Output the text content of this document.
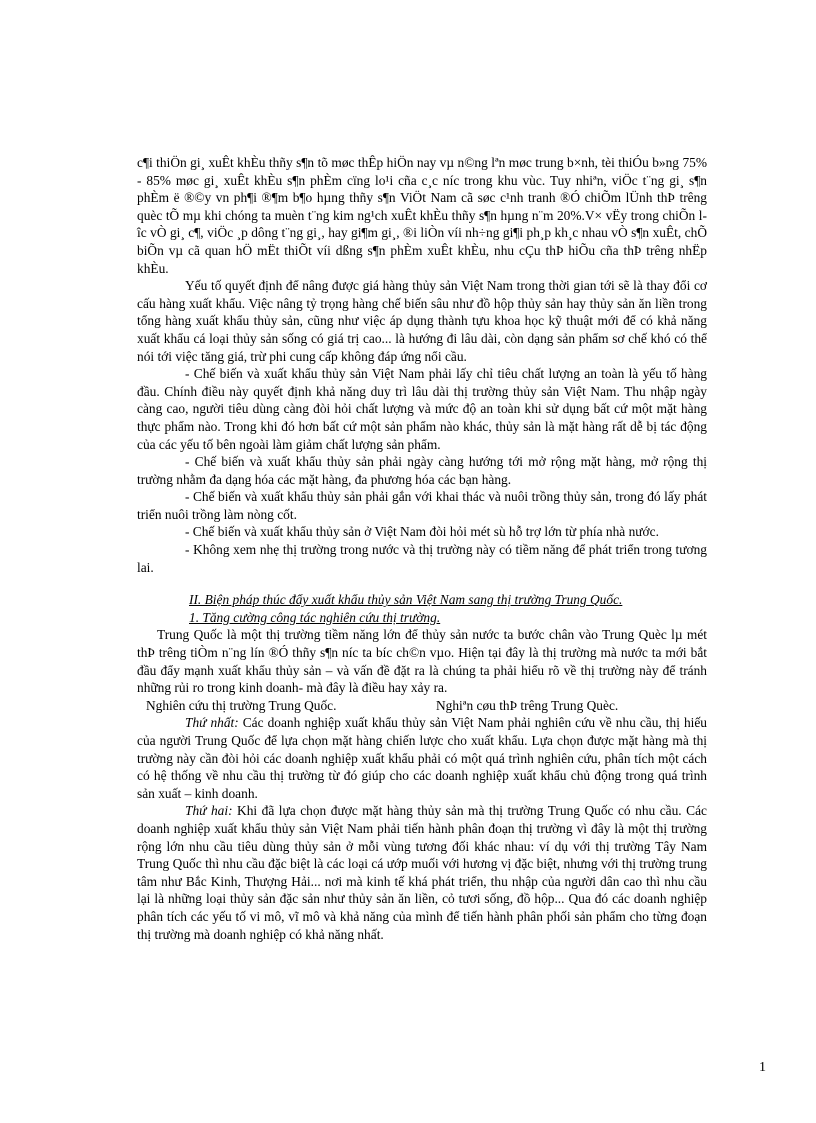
c¶i thiÖn gi¸ xuÊt khÈu thñy s¶n tõ møc thÊp hiÖn nay vµ n©ng lªn møc trung b×nh, tèi thiÓu b»ng 75% - 85% møc gi¸ xuÊt khÈu s¶n phÈm cïng lo¹i cña c¸c níc trong khu vùc. Tuy nhiªn, viÖc t¨ng gi¸ s¶n phÈm ë ®©y vn ph¶i ®¶m b¶o hµng thñy s¶n ViÖt Nam cã søc c¹nh tranh ®Ó chiÕm lÜnh thÞ trêng quèc tÕ mµ khi chóng ta muèn t¨ng kim ng¹ch xuÊt khÈu thñy s¶n hµng n¨m 20%.V× vËy trong chiÕn lîc vÒ gi¸ c¶, viÖc ¸p dông t¨ng gi¸, hay gi¶m gi¸, ®i liÒn víi nh÷ng gi¶i ph¸p kh¸c nhau vÒ s¶n xuÊt, chÕ biÕn vµ cã quan hÖ mËt thiÕt víi dßng s¶n phÈm xuÊt khÈu, nhu cÇu thÞ hiÕu cña thÞ trêng nhËp khÈu.

Yếu tố quyết định để nâng được giá hàng thủy sản Việt Nam trong thời gian tới sẽ là thay đổi cơ cấu hàng xuất khẩu. Việc nâng tỷ trọng hàng chế biến sâu như đồ hộp thủy sản hay thủy sản ăn liền trong tổng hàng xuất khẩu thủy sản, cũng như việc áp dụng thành tựu khoa học kỹ thuật mới để có khả năng xuất khẩu cá loại thủy sản sống có giá trị cao... là hướng đi lâu dài, còn dạng sản phẩm sơ chế khó có thể nói tới việc tăng giá, trừ phi cung cấp không đáp ứng nổi cầu.

- Chế biến và xuất khẩu thủy sản Việt Nam phải lấy chỉ tiêu chất lượng an toàn là yếu tố hàng đầu. Chính điều này quyết định khả năng duy trì lâu dài thị trường thủy sản Việt Nam. Thu nhập ngày càng cao, người tiêu dùng càng đòi hỏi chất lượng và mức độ an toàn khi sử dụng bất cứ một mặt hàng thực phẩm nào. Trong khi đó hơn bất cứ một sản phẩm nào khác, thủy sản là mặt hàng rất dễ bị tác động của các yếu tố bên ngoài làm giảm chất lượng sản phẩm.

- Chế biến và xuất khẩu thủy sản phải ngày càng hướng tới mở rộng mặt hàng, mở rộng thị trường nhằm đa dạng hóa các mặt hàng, đa phương hóa các bạn hàng.

- Chế biến và xuất khẩu thủy sản phải gắn với khai thác và nuôi trồng thủy sản, trong đó lấy phát triển nuôi trồng làm nòng cốt.

- Chế biến và xuất khẩu thủy sản ở Việt Nam đòi hỏi mét sù hỗ trợ lớn từ phía nhà nước.

- Không xem nhẹ thị trường trong nước và thị trường này có tiềm năng để phát triển trong tương lai.

II. Biện pháp thúc đẩy xuất khẩu thủy sản Việt Nam sang thị trường Trung Quốc.

1. Tăng cường công tác nghiên cứu thị trường.

Trung Quốc là một thị trường tiềm năng lớn để thủy sản nước ta bước chân vào Trung Quèc lµ mét thÞ trêng tiÒm n¨ng lín ®Ó thñy s¶n níc ta bíc ch©n vµo. Hiện tại đây là thị trường mà nước ta mới bắt đầu đẩy mạnh xuất khẩu thủy sản – và vấn đề đặt ra là chúng ta phải hiểu rõ về thị trường này để tránh những rủi ro trong kinh doanh- mà đây là điều hay xảy ra.

Nghiên cứu thị trường Trung Quốc.	Nghiªn cøu thÞ trêng Trung Quèc.

Thứ nhất: Các doanh nghiệp xuất khẩu thủy sản Việt Nam phải nghiên cứu về nhu cầu, thị hiếu của người Trung Quốc để lựa chọn mặt hàng chiến lược cho xuất khẩu. Lựa chọn được mặt hàng mà thị trường này cần đòi hỏi các doanh nghiệp xuất khẩu phải có một quá trình nghiên cứu, phân tích một cách có hệ thống về nhu cầu thị trường từ đó giúp cho các doanh nghiệp xuất khẩu chủ động trong quá trình sản xuất – kinh doanh.

Thứ hai: Khi đã lựa chọn được mặt hàng thủy sản mà thị trường Trung Quốc có nhu cầu. Các doanh nghiệp xuất khẩu thủy sản Việt Nam phải tiến hành phân đoạn thị trường vì đây là một thị trường rộng lớn nhu cầu tiêu dùng thủy sản ở mỗi vùng tương đối khác nhau: ví dụ với thị trường Tây Nam Trung Quốc thì nhu cầu đặc biệt là các loại cá ướp muối với hương vị đặc biệt, nhưng với thị trường trung tâm như Bắc Kinh, Thượng Hải... nơi mà kinh tế khá phát triển, thu nhập của người dân cao thì nhu cầu lại là những loại thủy sản đặc sản như thủy sản ăn liền, cỏ tươi sống, đồ hộp... Qua đó các doanh nghiệp phân tích các yếu tố vi mô, vĩ mô và khả năng của mình để tiến hành phân phối sản phẩm cho từng đoạn thị trường mà doanh nghiệp có khả năng nhất.

1
